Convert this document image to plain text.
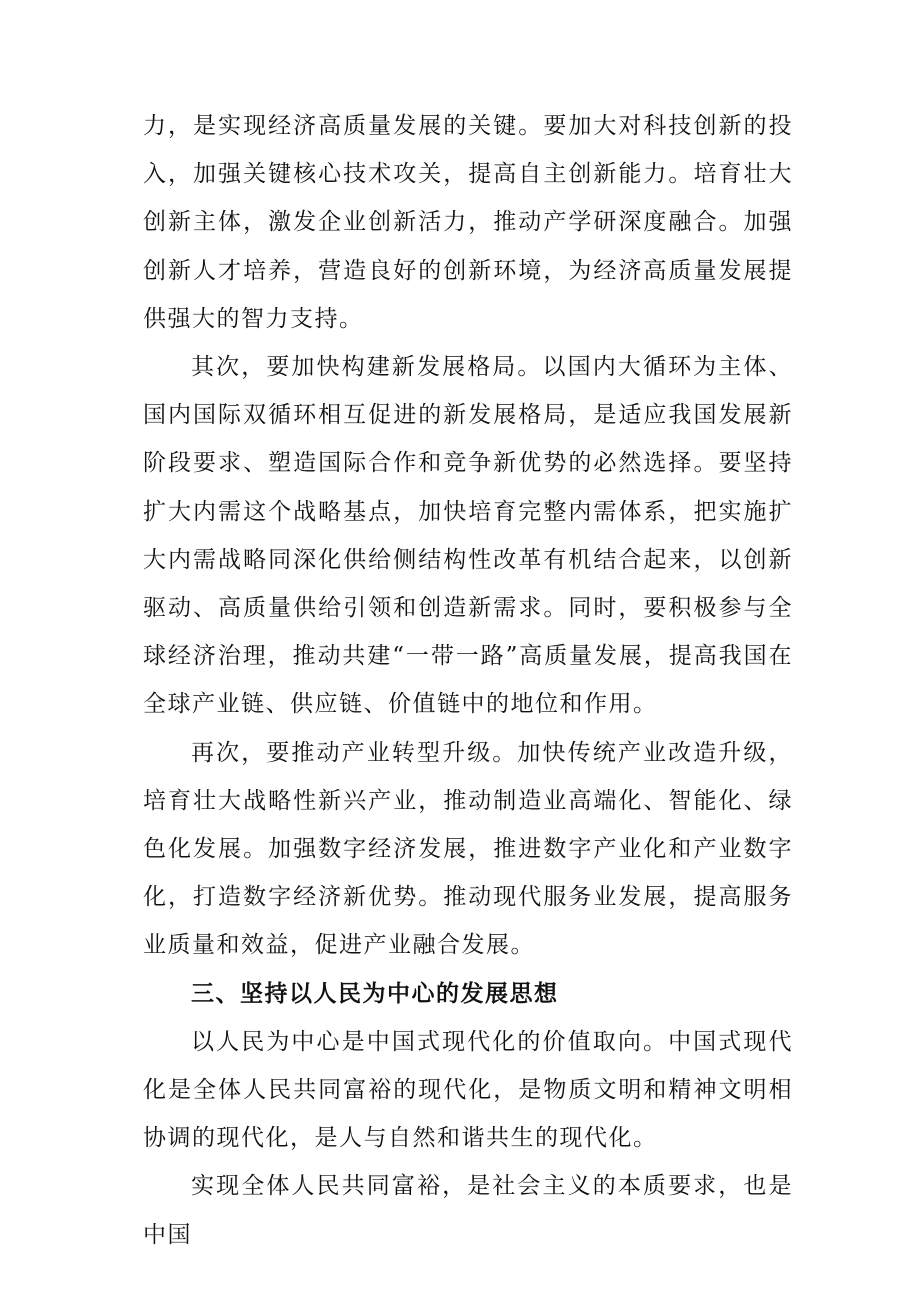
力，是实现经济高质量发展的关键。要加大对科技创新的投入，加强关键核心技术攻关，提高自主创新能力。培育壮大创新主体，激发企业创新活力，推动产学研深度融合。加强创新人才培养，营造良好的创新环境，为经济高质量发展提供强大的智力支持。

其次，要加快构建新发展格局。以国内大循环为主体、国内国际双循环相互促进的新发展格局，是适应我国发展新阶段要求、塑造国际合作和竞争新优势的必然选择。要坚持扩大内需这个战略基点，加快培育完整内需体系，把实施扩大内需战略同深化供给侧结构性改革有机结合起来，以创新驱动、高质量供给引领和创造新需求。同时，要积极参与全球经济治理，推动共建“一带一路”高质量发展，提高我国在全球产业链、供应链、价值链中的地位和作用。

再次，要推动产业转型升级。加快传统产业改造升级，培育壮大战略性新兴产业，推动制造业高端化、智能化、绿色化发展。加强数字经济发展，推进数字产业化和产业数字化，打造数字经济新优势。推动现代服务业发展，提高服务业质量和效益，促进产业融合发展。

三、坚持以人民为中心的发展思想

以人民为中心是中国式现代化的价值取向。中国式现代化是全体人民共同富裕的现代化，是物质文明和精神文明相协调的现代化，是人与自然和谐共生的现代化。

实现全体人民共同富裕，是社会主义的本质要求，也是中国
